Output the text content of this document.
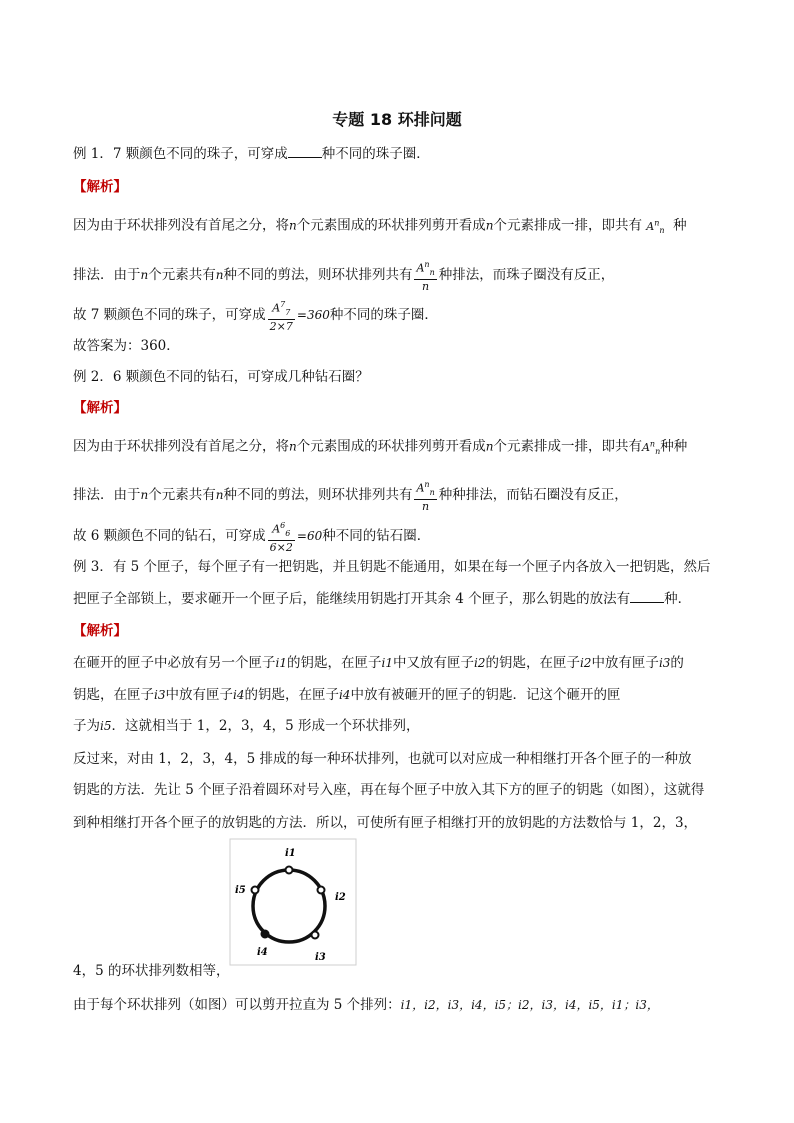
专题 18 环排问题
例 1．7 颗颜色不同的珠子，可穿成	种不同的珠子圈．
【解析】
因为由于环状排列没有首尾之分，将n个元素围成的环状排列剪开看成n个元素排成一排，即共有 $A^n_n$ 种
排法．由于n个元素共有n种不同的剪法，则环状排列共有 $\frac{A^n_n}{n}$ 种排法，而珠子圈没有反正，
故 7 颗颜色不同的珠子，可穿成 $\frac{A^7_7}{2\times 7} =360$种不同的珠子圈．
故答案为：360．
例 2．6 颗颜色不同的钻石，可穿成几种钻石圈？
【解析】
因为由于环状排列没有首尾之分，将n个元素围成的环状排列剪开看成n个元素排成一排，即共有$A^n_n$种种
排法．由于n个元素共有n种不同的剪法，则环状排列共有 $\frac{A^n_n}{n}$ 种种排法，而钻石圈没有反正，
故 6 颗颜色不同的钻石，可穿成 $\frac{A^6_6}{6\times 2} =60$种不同的钻石圈．
例 3．有 5 个匣子，每个匣子有一把钥匙，并且钥匙不能通用，如果在每一个匣子内各放入一把钥匙，然后
把匣子全部锁上，要求砸开一个匣子后，能继续用钥匙打开其余 4 个匣子，那么钥匙的放法有	种．
【解析】
在砸开的匣子中必放有另一个匣子i1的钥匙，在匣子i1中又放有匣子i2的钥匙，在匣子i2中放有匣子i3的
钥匙，在匣子i3中放有匣子i4的钥匙，在匣子i4中放有被砸开的匣子的钥匙．记这个砸开的匣
子为i5．这就相当于 1，2，3，4，5 形成一个环状排列，
反过来，对由 1，2，3，4，5 排成的每一种环状排列，也就可以对应成一种相继打开各个匣子的一种放
钥匙的方法．先让 5 个匣子沿着圆环对号入座，再在每个匣子中放入其下方的匣子的钥匙（如图），这就得
到种相继打开各个匣子的放钥匙的方法．所以，可使所有匣子相继打开的放钥匙的方法数恰与 1，2，3，
i1
i2
i3
i4
i5
4，5 的环状排列数相等，
由于每个环状排列（如图）可以剪开拉直为 5 个排列：i1，i2，i3，i4，i5；i2，i3，i4，i5，i1；i3，
